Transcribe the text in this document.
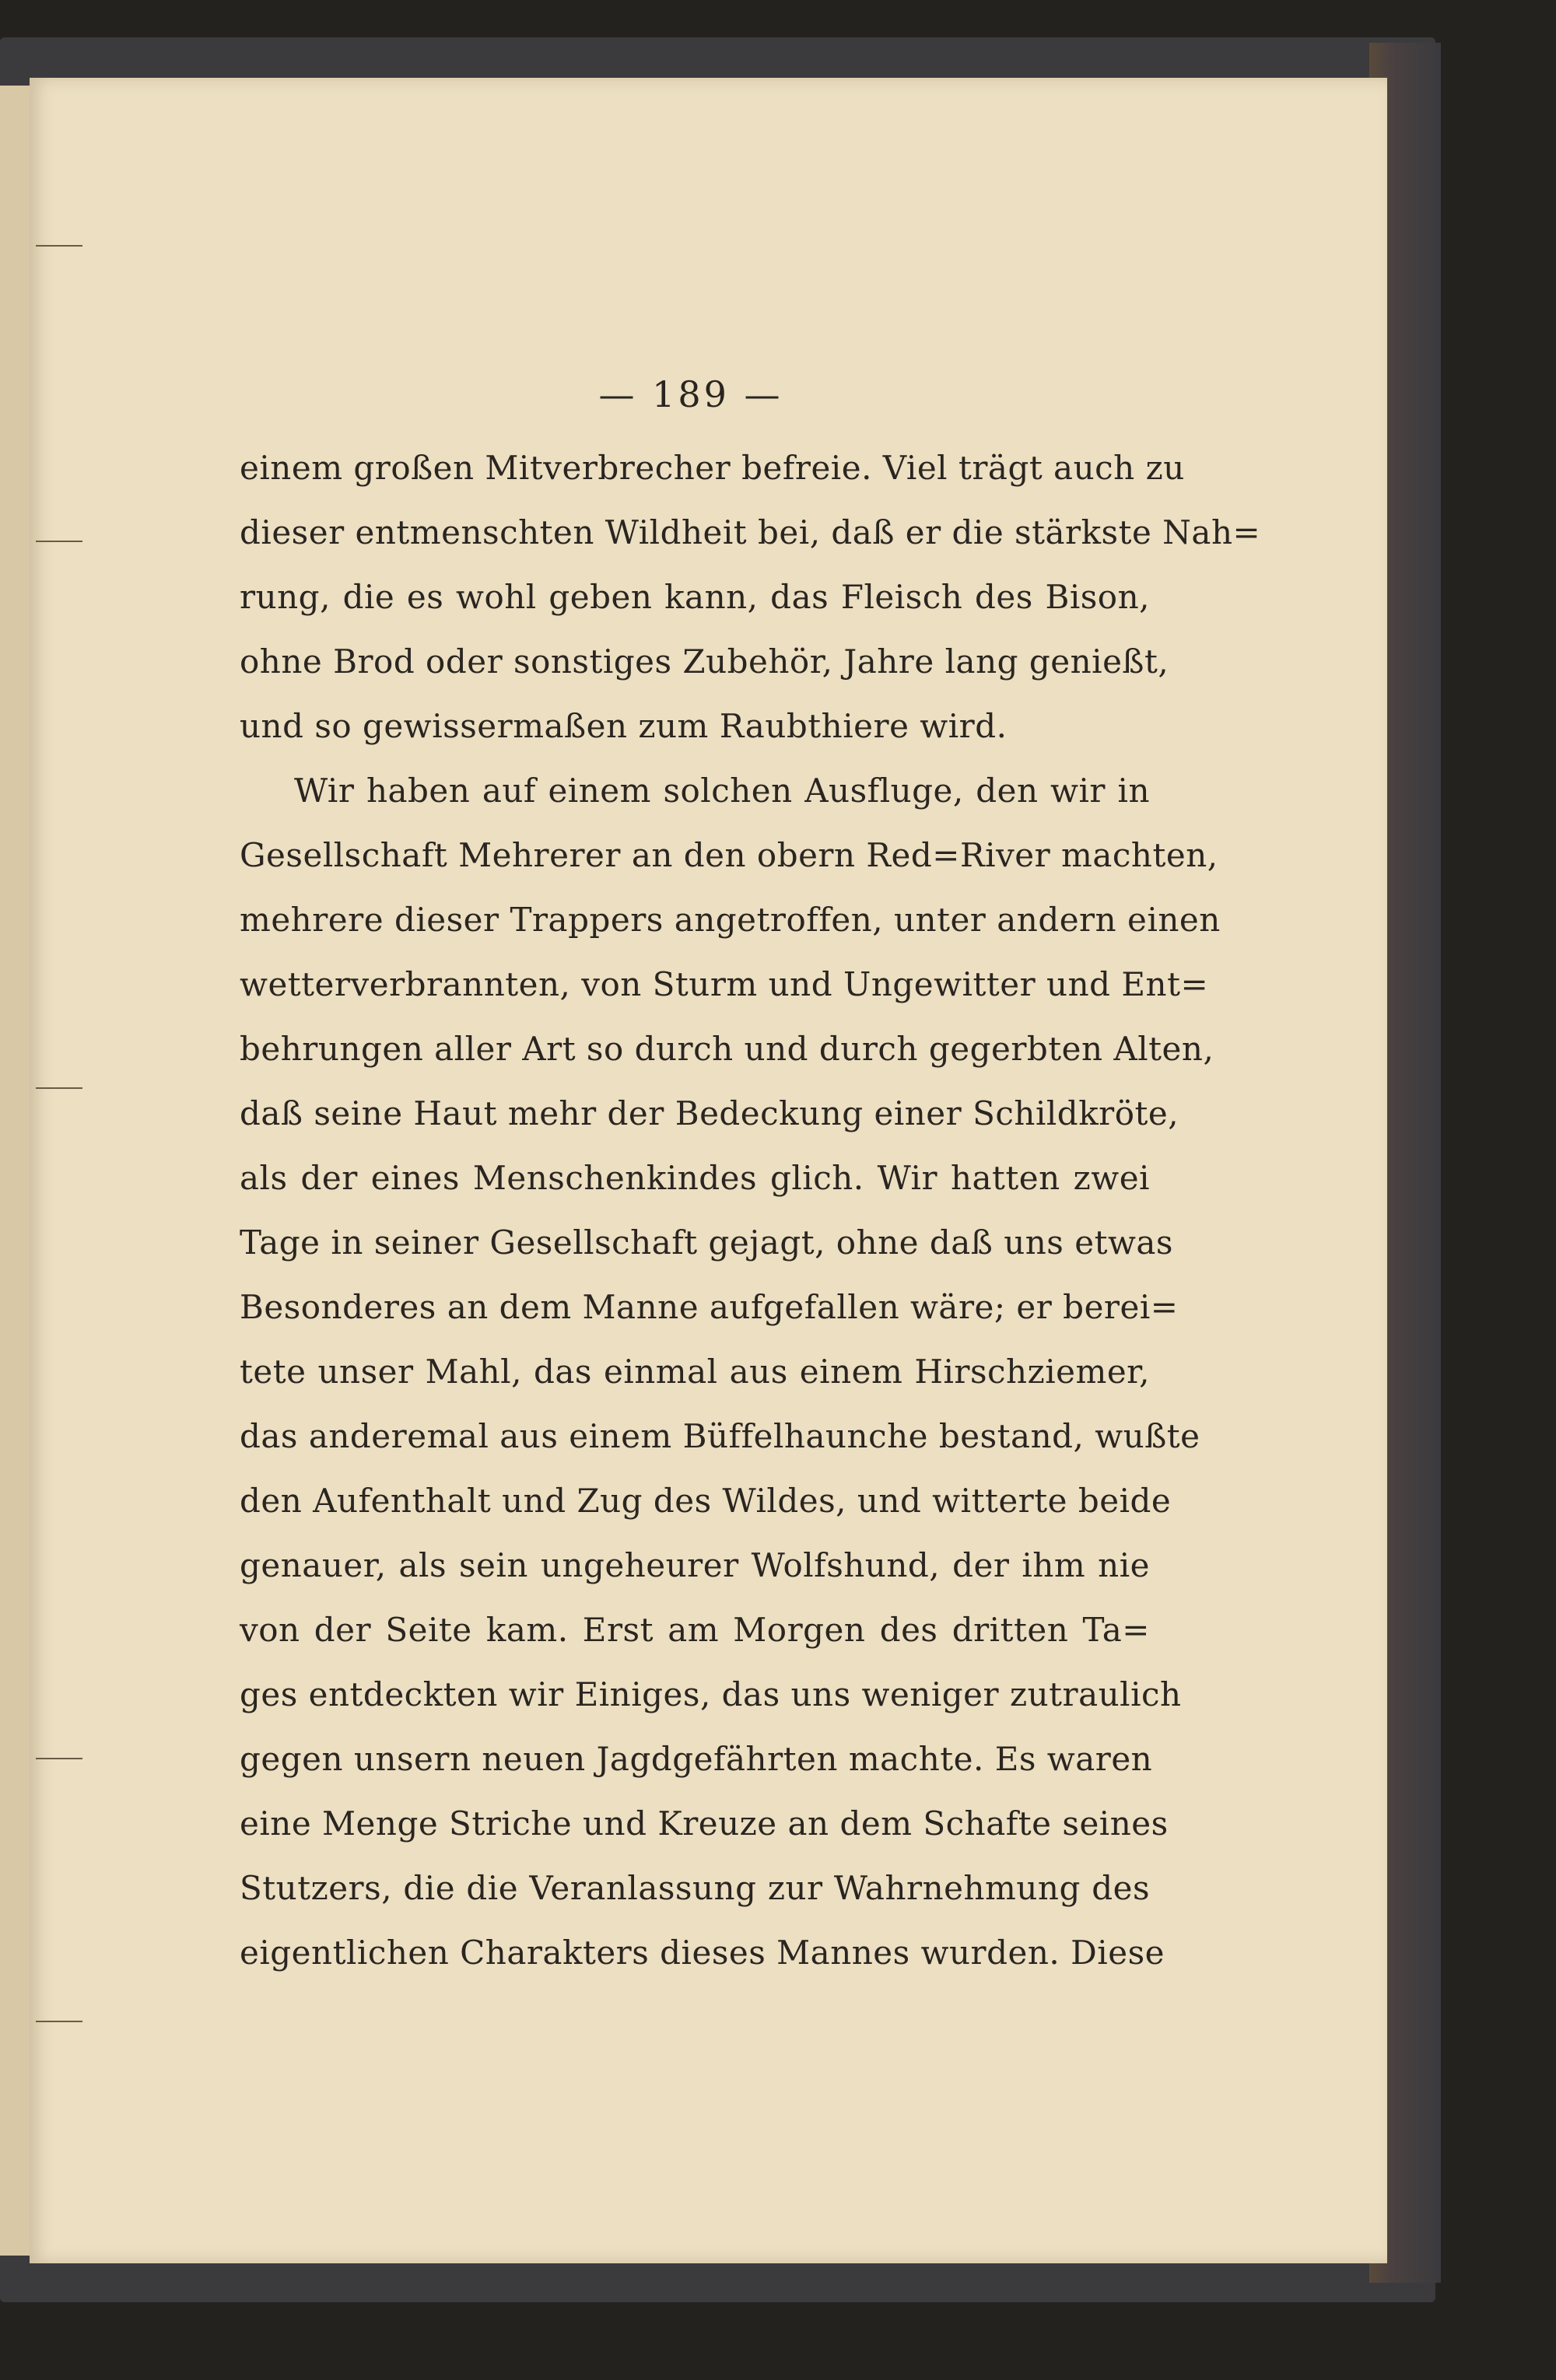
— 189 —
einem großen Mitverbrecher befreie. Viel trägt auch zu
dieser entmenschten Wildheit bei, daß er die stärkste Nah=
rung, die es wohl geben kann, das Fleisch des Bison,
ohne Brod oder sonstiges Zubehör, Jahre lang genießt,
und so gewissermaßen zum Raubthiere wird.
Wir haben auf einem solchen Ausfluge, den wir in
Gesellschaft Mehrerer an den obern Red=River machten,
mehrere dieser Trappers angetroffen, unter andern einen
wetterverbrannten, von Sturm und Ungewitter und Ent=
behrungen aller Art so durch und durch gegerbten Alten,
daß seine Haut mehr der Bedeckung einer Schildkröte,
als der eines Menschenkindes glich. Wir hatten zwei
Tage in seiner Gesellschaft gejagt, ohne daß uns etwas
Besonderes an dem Manne aufgefallen wäre; er berei=
tete unser Mahl, das einmal aus einem Hirschziemer,
das anderemal aus einem Büffelhaunche bestand, wußte
den Aufenthalt und Zug des Wildes, und witterte beide
genauer, als sein ungeheurer Wolfshund, der ihm nie
von der Seite kam. Erst am Morgen des dritten Ta=
ges entdeckten wir Einiges, das uns weniger zutraulich
gegen unsern neuen Jagdgefährten machte. Es waren
eine Menge Striche und Kreuze an dem Schafte seines
Stutzers, die die Veranlassung zur Wahrnehmung des
eigentlichen Charakters dieses Mannes wurden. Diese
